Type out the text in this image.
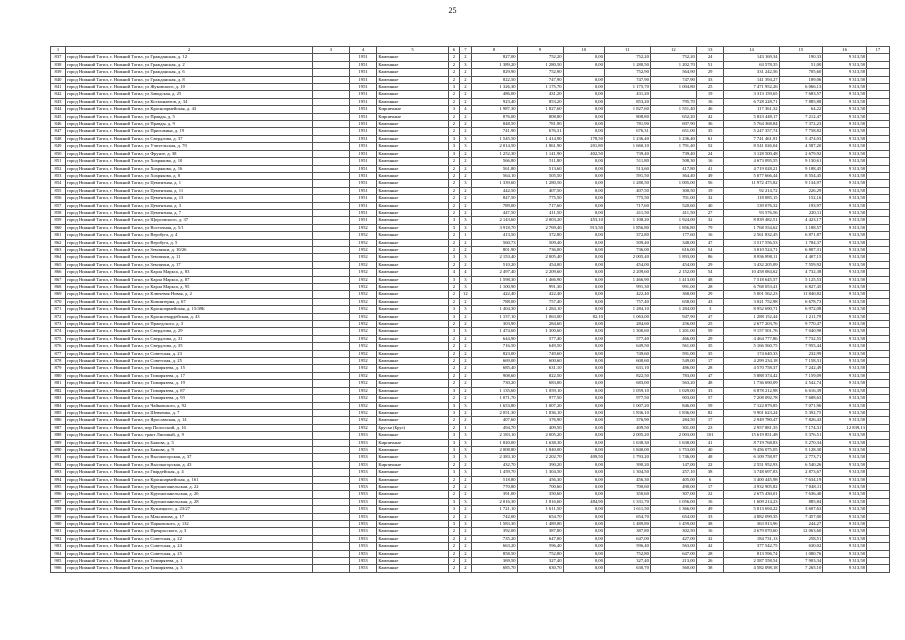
25
1	2	3	4	5	6	7	8	9	10	11	12	13	14	15	16	17
837	город Нижний Тагил, г. Нижний Тагил, ул Гражданская, д. 12		1951	Каменные	2	2	827,00	752,20	0,00	752,20	752,20	24	143 169,34	190,33	9 313,58	
838	город Нижний Тагил, г. Нижний Тагил, ул Гражданская, д. 2		1951	Каменные	2	3	1 389,20	1 280,50	0,00	1 280,50	1 202,70	51	63 578,35	51,00	9 313,58	
839	город Нижний Тагил, г. Нижний Тагил, ул Гражданская, д. 6		1951	Каменные	2	2	829,90	752,90		752,90	564,90	29	331 242,56	705,60	9 313,58	
840	город Нижний Тагил, г. Нижний Тагил, ул Гражданская, д. 8		1951	Каменные	2	2	822,50	747,90	0,00	747,90	747,90	33	141 394,27	189,06	9 313,58	
841	город Нижний Тагил, г. Нижний Тагил, ул Жуковского, д. 10		1951	Каменные	3	2	1 326,30	1 175,70	0,00	1 175,70	1 004,80	25	7 471 952,26	6 066,13	9 313,58	
842	город Нижний Тагил, г. Нижний Тагил, ул Заводская, д. 25		1951	Каменные	2	2	486,00	431,20	0,00	431,20		19	3 313 159,65	7 683,57	9 313,58	
843	город Нижний Тагил, г. Нижний Тагил, ул Космонавтов, д. 34		1951	Каменные	2	2	923,40	853,20	0,00	853,20	795,70	16	6 728 228,71	7 885,88	9 313,58	
844	город Нижний Тагил, г. Нижний Тагил, ул Красноармейская, д. 43		1951	Кирпичные	3	4	1 987,30	1 827,60	0,00	1 827,60	1 551,40	46	117 361,32	64,22	9 313,58	
845	город Нижний Тагил, г. Нижний Тагил, ул Правды, д. 5		1951	Кирпичные	2	2	876,00	808,80	0,00	808,80	652,20	42	5 823 448,17	7 212,47	9 313,58	
846	город Нижний Тагил, г. Нижний Тагил, ул Правды, д. 9		1951	Каменные	2	2	848,50	781,90	0,00	781,90	697,90	36	5 764 368,84	7 372,23	9 313,58	
847	город Нижний Тагил, г. Нижний Тагил, ул Пригожина, д. 19		1951	Каменные	2	2	741,90	676,31	0,00	676,31	651,00	35	5 247 357,74	7 758,82	9 313,58	
848	город Нижний Тагил, г. Нижний Тагил, ул Свердлова, д. 37		1951	Каменные	3	3	1 545,50	1 414,90	178,50	1 236,40	1 236,40	61	7 741 461,91	5 474,03	9 313,58	
849	город Нижний Тагил, г. Нижний Тагил, ул Учительская, д. 70		1951	Каменные	3	3	2 014,50	1 861,90	201,80	1 660,10	1 791,40	52	8 541 026,04	4 587,20	9 313,58	
850	город Нижний Тагил, г. Нижний Тагил, ул Фрунзе, д. 38		1951	Каменные	3	2	1 252,30	1 141,90	402,50	739,40	739,40	24	3 128 500,48	2 679,92	9 313,58	
851	город Нижний Тагил, г. Нижний Тагил, ул Хохрякова, д. 10		1951	Каменные	2	2	566,80	511,80	0,00	511,80	508,30	16	4 673 095,55	9 130,61	9 313,58	
852	город Нижний Тагил, г. Нижний Тагил, ул Хохрякова, д. 16		1951	Каменные	2	2	561,80	513,60	0,00	513,60	417,80	41	4 719 028,21	9 188,45	9 313,58	
853	город Нижний Тагил, г. Нижний Тагил, ул Хохрякова, д. 8		1951	Каменные	2	2	564,10	505,50	0,00	591,50	364,40	49	5 077 666,44	8 554,45	9 313,58	
854	город Нижний Тагил, г. Нижний Тагил, ул Цементная, д. 1		1951	Каменные	2	3	1 339,60	1 280,50	0,00	1 280,50	1 005,00	56	11 972 475,82	9 134,97	9 313,58	
855	город Нижний Тагил, г. Нижний Тагил, ул Цементная, д. 11		1951	Каменные	2	2	442,50	407,50	0,00	407,50	300,50	19	92 214,72	226,29	9 313,58	
856	город Нижний Тагил, г. Нижний Тагил, ул Цементная, д. 13		1951	Каменные	2	2	847,50	775,50	0,00	775,50	701,00	32	118 085,15	152,16	9 313,58	
857	город Нижний Тагил, г. Нижний Тагил, ул Цементная, д. 3		1951	Каменные	2	2	789,00	717,60	0,00	717,60	520,60	40	139 076,32	193,97	9 313,58	
858	город Нижний Тагил, г. Нижний Тагил, ул Цементная, д. 7		1951	Каменные	2	2	447,50	411,50	0,00	411,50	411,50	27	93 576,56	220,11	9 313,58	
859	город Нижний Тагил, г. Нижний Тагил, ул Щорсовского, д. 37		1951	Каменные	3	3	2 143,60	2 003,20	453,10	1 108,20	1 924,00	32	8 839 482,51	4 423,17	9 313,58	
860	город Нижний Тагил, г. Нижний Тагил, ул Восточная, д. 5/1		1952	Каменные	3	3	3 918,70	2 769,40	913,50	1 856,80	1 856,80	79	1 768 554,62	1 188,57	9 313,58	
861	город Нижний Тагил, г. Нижний Тагил, ул Верзбуга, д. 4		1952	Каменные	2	1	413,50	372,80	0,00	372,80	177,60	16	2 561 832,45	6 871,87	9 313,58	
862	город Нижний Тагил, г. Нижний Тагил, ул Верзбуга, д. 5		1952	Каменные	2	2	560,73	509,40	0,00	509,40	348,00	47	3 517 556,53	1 784,37	9 313,58	
863	город Нижний Тагил, г. Нижний Тагил, ул Землячки, д. 10/26		1952	Каменные	2	2	801,90	736,00	0,00	736,00	616,00	54	3 010 524,71	6 807,31	9 313,58	
864	город Нижний Тагил, г. Нижний Тагил, ул Землячки, д. 11		1952	Каменные	3	3	2 153,40	2 005,40	0,00	2 005,40	1 893,00	86	8 836 890,11	4 407,15	9 313,58	
865	город Нижний Тагил, г. Нижний Тагил, ул Землячки, д. 17		1952	Каменные	2	2	510,20	454,00	0,00	454,00	454,00	29	3 432 205,09	7 559,92	9 313,58	
866	город Нижний Тагил, г. Нижний Тагил, ул Карла Маркса, д. 83		1952	Каменные	4	4	2 497,40	2 209,60	0,00	2 209,60	2 152,00	54	10 458 084,62	4 732,38	9 313,58	
867	город Нижний Тагил, г. Нижний Тагил, ул Карла Маркса, д. 87		1952	Каменные	3	3	1 598,30	1 466,90	0,00	1 466,90	1 413,00	48	7 518 645,57	5 125,53	9 313,58	
868	город Нижний Тагил, г. Нижний Тагил, ул Карла Маркса, д. 95		1952	Каменные	2	3	1 100,90	991,30	0,00	991,30	991,00	28	6 768 053,41	6 827,45	9 313,58	
869	город Нижний Тагил, г. Нижний Тагил, ул Ключевая Новая, д. 2		1952	Каменные	2	12	422,40	422,40	0,00	422,40	368,00	29	5 001 562,23	11 840,82	9 313,58	
870	город Нижний Тагил, г. Нижний Тагил, ул Коминтерна, д. 67		1952	Каменные	2	2	788,00	757,40	0,00	757,40	658,00	43	3 021 752,98	6 678,73	9 313,58	
871	город Нижний Тагил, г. Нижний Тагил, ул Красноармейская, д. 15/49Б		1952	Каменные	3	3	1 404,30	1 284,10	0,00	1 284,10	1 284,00	3	8 952 690,71	6 972,08	9 313,58	
872	город Нижний Тагил, г. Нижний Тагил, ул Красногвардейская, д. 43		1952	Каменные	3	2	1 157,10	1 063,00	82,10	1 063,00	947,90	47	1 288 152,44	1 211,79	9 313,58	
873	город Нижний Тагил, г. Нижний Тагил, ул Пржедского, д. 3		1952	Каменные	2	2	303,90	284,60	0,00	284,60	256,00	25	2 677 203,76	9 770,47	9 313,58	
874	город Нижний Тагил, г. Нижний Тагил, ул Свердлова, д. 29		1952	Каменные	3	3	1 474,60	1 300,60	0,00	1 300,60	1 201,00	59	9 157 501,76	7 040,98	9 313,58	
875	город Нижний Тагил, г. Нижний Тагил, ул Свердлова, д. 31		1952	Каменные	2	2	644,90	577,40	0,00	577,40	466,00	29	4 464 777,86	7 732,55	9 313,58	
876	город Нижний Тагил, г. Нижний Тагил, ул Свердлова, д. 35		1952	Каменные	2	2	716,50	649,50	0,00	649,50	561,00	35	5 166 560,75	7 955,44	9 313,58	
877	город Нижний Тагил, г. Нижний Тагил, ул Советская, д. 23		1952	Каменные	2	2	823,00	749,60	0,00	749,60	591,00	35	174 640,33	232,99	9 313,58	
878	город Нижний Тагил, г. Нижний Тагил, ул Советская, д. 25		1952	Каменные	2	2	669,00	600,60	0,00	600,60	549,00	17	4 299 234,18	7 158,31	9 313,58	
879	город Нижний Тагил, г. Нижний Тагил, ул Тимирязева, д. 15		1952	Каменные	2	2	685,40	631,10	0,00	631,10	486,00	28	4 570 758,37	7 242,49	9 313,58	
880	город Нижний Тагил, г. Нижний Тагил, ул Тимирязева, д. 17		1952	Каменные	2	2	908,60	822,50	0,00	822,50	783,00	47	5 888 374,42	7 159,09	9 313,58	
881	город Нижний Тагил, г. Нижний Тагил, ул Тимирязева, д. 19		1952	Каменные	2	2	730,20	683,00	0,00	683,00	563,20	48	1 736 690,09	2 542,74	9 313,58	
882	город Нижний Тагил, г. Нижний Тагил, ул Тимирязева, д. 87		1952	Каменные	3	2	1 135,60	1 059,10	0,00	1 059,10	1 029,00	33	6 878 212,98	6 616,39	9 313,58	
883	город Нижний Тагил, г. Нижний Тагил, ул Тимирязева, д. 93		1952	Каменные	2	2	1 071,70	977,50	0,00	977,50	903,00	57	7 208 092,78	7 688,63	9 313,58	
884	город Нижний Тагил, г. Нижний Тагил, ул Чайковского, д. 92		1952	Каменные	3	3	1 653,80	1 007,20	0,00	1 007,20	846,00	59	7 122 879,85	7 071,96	9 313,58	
885	город Нижний Тагил, г. Нижний Тагил, ул Шевченко, д. 7		1952	Каменные	3	2	2 051,30	1 836,10	0,00	1 836,10	1 836,00	82	9 901 623,24	5 392,75	9 313,58	
886	город Нижний Тагил, г. Нижний Тагил, ул Ярославская, д. 14		1952	Каменные	2	2	407,60	376,90	0,00	376,90	284,50	17	2 949 780,47	7 826,43	9 313,58	
887	город Нижний Тагил, г. Нижний Тагил, пер Полосский, д. 16		1952	Брусья (Брус)	2	1	494,70	409,50	0,00	409,50	301,00	23	2 957 881,35	7 174,31	12 839,13	
888	город Нижний Тагил, г. Нижний Тагил, тракт Липовый, д. 9		1953	Каменные	3	3	2 183,10	2 005,20	0,00	2 005,20	2 003,00	101	15 619 851,48	5 376,51	9 313,58	
889	город Нижний Тагил, г. Нижний Тагил, ул Бажова, д. 5		1953	Кирпичные	3	3	1 820,00	1 638,30	0,00	1 638,30	1 638,00	41	8 719 768,83	5 270,34	9 313,58	
890	город Нижний Тагил, г. Нижний Тагил, ул Бажова, д. 9		1953	Каменные	3	3	2 008,80	1 840,00	0,00	1 840,00	1 753,00	40	9 456 075,05	5 128,30	9 313,58	
891	город Нижний Тагил, г. Нижний Тагил, ул Высокогорская, д. 37		1953	Каменные	3	3	2 383,10	2 202,70	409,50	1 793,20	1 746,00	48	6 109 758,97	2 773,71	9 313,58	
892	город Нижний Тагил, г. Нижний Тагил, ул Высокогорская, д. 43		1953	Кирпичные	2	2	432,70	390,20	0,00	390,20	147,00	22	2 551 952,93	6 540,26	9 313,58	
893	город Нижний Тагил, г. Нижний Тагил, ул Гвардейская, д. 4		1953	Каменные	3	3	1 459,70	1 304,50	0,00	1 304,50	257,10	38	3 748 697,83	2 873,67	9 313,58	
894	город Нижний Тагил, г. Нижний Тагил, ул Красноармейская, д. 161		1953	Каменные	2	2	518,80	456,30	0,00	456,30	405,00	6	3 400 445,98	7 634,19	9 313,58	
895	город Нижний Тагил, г. Нижний Тагил, ул Крупнопанельская, д. 22		1953	Каменные	2	2	770,80	700,60	0,00	700,60	490,00	17	4 932 905,82	7 048,11	9 313,58	
896	город Нижний Тагил, г. Нижний Тагил, ул Крупнопанельская, д. 26		1953	Каменные	2	2	391,00	350,60	0,00	350,60	307,00	22	2 675 430,01	7 636,40	9 313,58	
897	город Нижний Тагил, г. Нижний Тагил, ул Крупнопанельская, д. 28		1953	Каменные	3	3	2 016,30	1 816,60	484,90	1 331,70	1 056,00	16	1 609 214,23	885,84	9 313,58	
898	город Нижний Тагил, г. Нижний Тагил, ул Кузнецкого, д. 23/27		1953	Каменные	3	2	1 721,10	1 611,50	0,00	1 611,50	1 366,00	49	5 813 694,22	3 607,63	9 313,58	
899	город Нижний Тагил, г. Нижний Тагил, ул Максимова, д. 17		1953	Каменные	2	2	742,00	654,70	0,00	654,70	654,00	33	4 882 099,35	7 457,00	9 313,58	
900	город Нижний Тагил, г. Нижний Тагил, ул Парковского, д. 132		1953	Каменные	3	3	1 583,30	1 489,80	0,00	1 489,80	1 459,00	38	363 913,96	244,27	9 313,58	
901	город Нижний Тагил, г. Нижний Тагил, ул Прекрасского, д. 3		1953	Каменные	2	2	392,00	387,80	0,00	387,80	302,50	16	4 679 070,60	12 063,60	9 313,58	
902	город Нижний Тагил, г. Нижний Тагил, ул Советская, д. 22		1953	Каменные	2	2	735,20	647,00	0,00	647,00	427,00	32	184 731,13	258,51	9 313,58	
903	город Нижний Тагил, г. Нижний Тагил, ул Советская, д. 24		1953	Каменные	2	2	663,20	596,40	0,00	596,40	563,00	42	377 542,75	630,02	9 313,58	
904	город Нижний Тагил, г. Нижний Тагил, ул Советская, д. 25		1953	Каменные	2	2	858,50	752,80	0,00	752,80	647,00	28	813 596,74	1 080,76	9 313,58	
905	город Нижний Тагил, г. Нижний Тагил, ул Тимирязева, д. 1		1953	Каменные	2	2	369,50	327,40	0,00	327,40	213,00	26	2 587 558,54	7 903,34	9 313,58	
906	город Нижний Тагил, г. Нижний Тагил, ул Тимирязева, д. 3		1953	Каменные	2	2	685,70	630,70	0,00	630,70	560,00	38	4 582 098,18	7 265,10	9 313,58	
